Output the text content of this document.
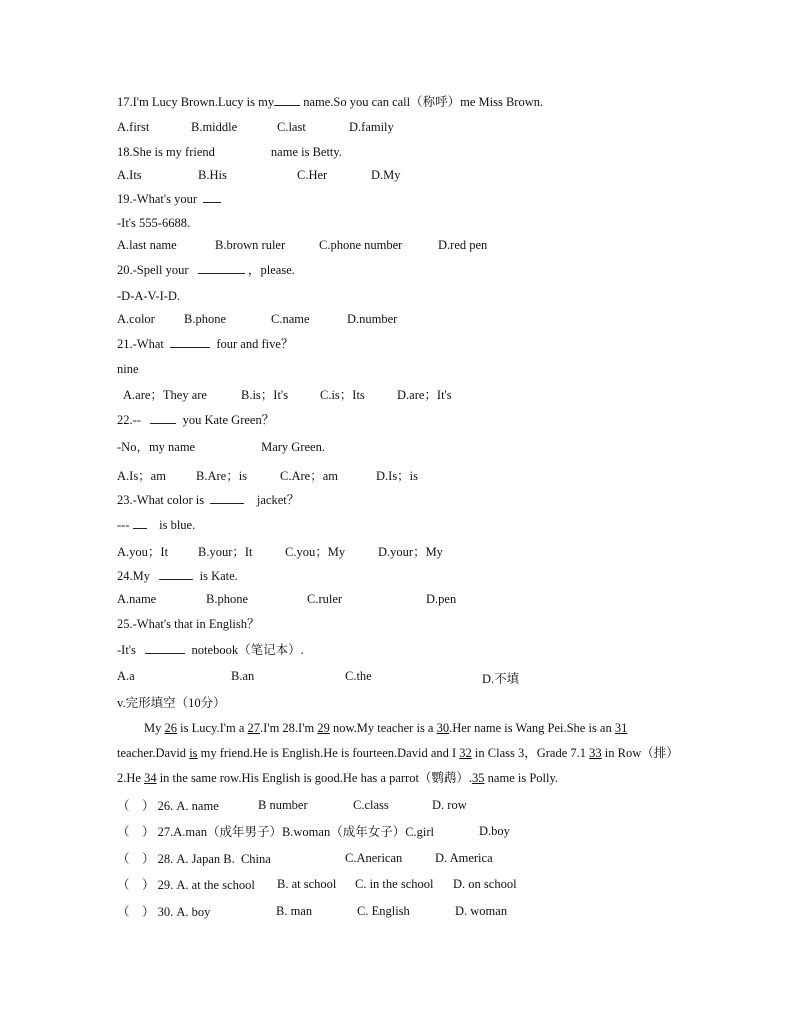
17.I'm Lucy Brown.Lucy is my name.So you can call（称呼）me Miss Brown.
A.first	B.middle	C.last	D.family
18.She is my friend	name is Betty.
A.Its	B.His	C.Her	D.My
19.-What's your
-It's 555-6688.
A.last name	B.brown ruler	C.phone number	D.red pen
20.-Spell your	，please.
-D-A-V-I-D.
A.color B.phone	C.name	D.number
21.-What	four and five？
nine
A.are；They are	B.is；It's	C.is；Its	D.are；It's
22.--	you Kate Green？
-No，my name	Mary Green.
A.Is；am B.Are；is	C.Are；am	D.Is；is
23.-What color is	jacket？
--- is blue.
A.you；It B.your；It	C.you；My	D.your；My
24.My	is Kate.
A.name	B.phone	C.ruler	D.pen
25.-What's that in English？
-It's	notebook（笔记本）.
A.a	B.an	C.the	D.不填
v.完形填空（10分）
My 26 is Lucy.I'm a 27.I'm 28.I'm 29 now.My teacher is a 30.Her name is Wang Pei.She is an 31 teacher.David is my friend.He is English.He is fourteen.David and I 32 in Class 3，Grade 7.1 33 in Row（排）2.He 34 in the same row.His English is good.He has a parrot（鹦鹉）.35 name is Polly.
（　） 26. A. name	B number	C.class	D. row
（　） 27.A.man（成年男子）B.woman（成年女子）C.girl	D.boy
（　） 28. A. Japan B.  China	C.Anerican	D. America
（　） 29. A. at the school B. at school C. in the school D. on school
（　） 30. A. boy	B. man	C. English	D. woman
